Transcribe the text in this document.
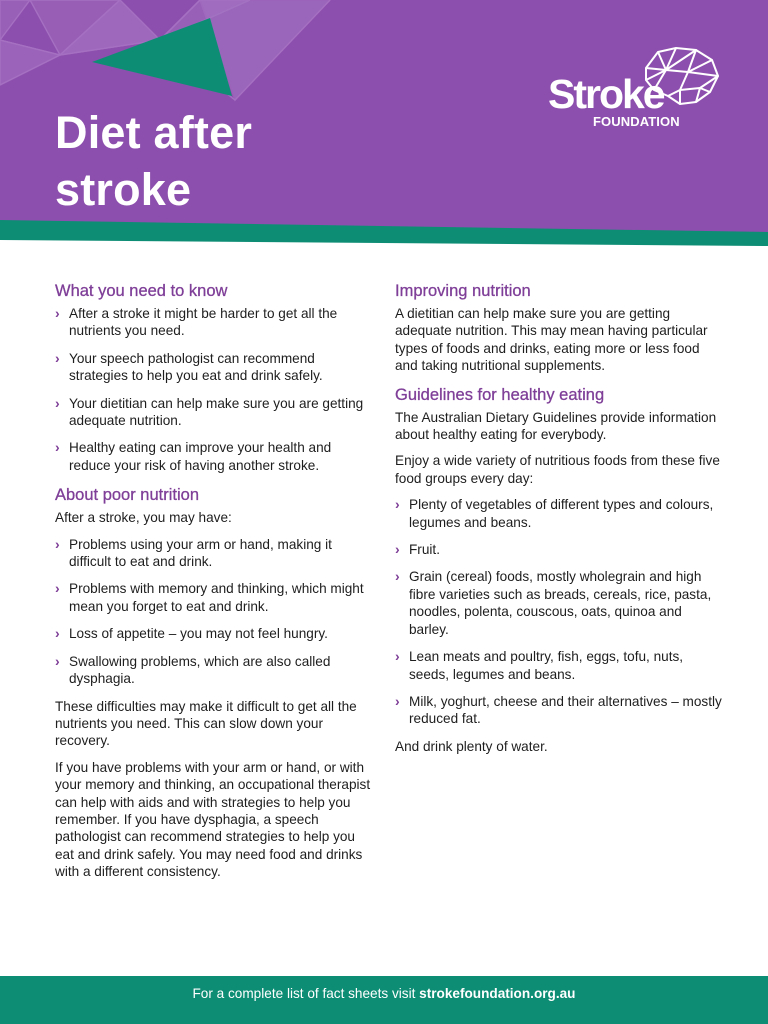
Diet after
stroke
Stroke
FOUNDATION
What you need to know
› After a stroke it might be harder to get all the nutrients you need.
› Your speech pathologist can recommend strategies to help you eat and drink safely.
› Your dietitian can help make sure you are getting adequate nutrition.
› Healthy eating can improve your health and reduce your risk of having another stroke.
About poor nutrition

After a stroke, you may have:

› Problems using your arm or hand, making it difficult to eat and drink.
› Problems with memory and thinking, which might mean you forget to eat and drink.
› Loss of appetite – you may not feel hungry.
› Swallowing problems, which are also called dysphagia.

These difficulties may make it difficult to get all the nutrients you need. This can slow down your recovery.

If you have problems with your arm or hand, or with your memory and thinking, an occupational therapist can help with aids and with strategies to help you remember. If you have dysphagia, a speech pathologist can recommend strategies to help you eat and drink safely. You may need food and drinks with a different consistency.

Improving nutrition

A dietitian can help make sure you are getting adequate nutrition. This may mean having particular types of foods and drinks, eating more or less food and taking nutritional supplements.

Guidelines for healthy eating

The Australian Dietary Guidelines provide information about healthy eating for everybody.

Enjoy a wide variety of nutritious foods from these five food groups every day:

› Plenty of vegetables of different types and colours, legumes and beans.
› Fruit.
› Grain (cereal) foods, mostly wholegrain and high fibre varieties such as breads, cereals, rice, pasta, noodles, polenta, couscous, oats, quinoa and barley.
› Lean meats and poultry, fish, eggs, tofu, nuts, seeds, legumes and beans.
› Milk, yoghurt, cheese and their alternatives – mostly reduced fat.

And drink plenty of water.

For a complete list of fact sheets visit strokefoundation.org.au
